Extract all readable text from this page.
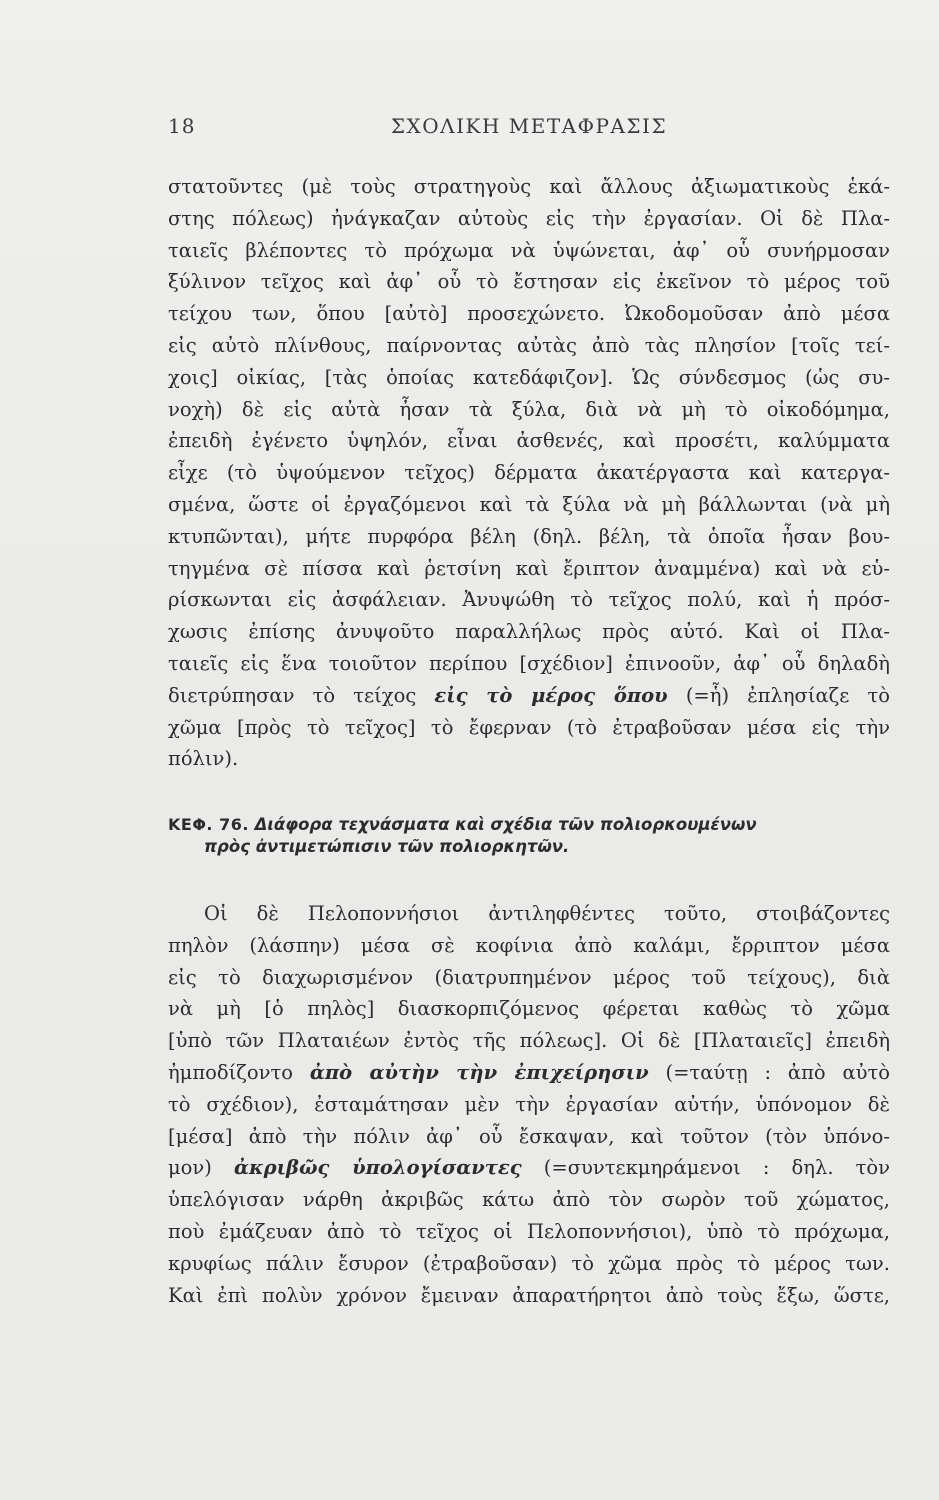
18	ΣΧΟΛΙΚΗ ΜΕΤΑΦΡΑΣΙΣ
στατοῦντες (μὲ τοὺς στρατηγοὺς καὶ ἄλλους ἀξιωματικοὺς ἑκά-
στης πόλεως) ἠνάγκαζαν αὐτοὺς εἰς τὴν ἐργασίαν. Οἱ δὲ Πλα-
ταιεῖς βλέποντες τὸ πρόχωμα νὰ ὑψώνεται, ἀφ᾽ οὗ συνήρμοσαν
ξύλινον τεῖχος καὶ ἀφ᾽ οὗ τὸ ἔστησαν εἰς ἐκεῖνον τὸ μέρος τοῦ
τείχου των, ὅπου [αὐτὸ] προσεχώνετο. Ὠκοδομοῦσαν ἀπὸ μέσα
εἰς αὐτὸ πλίνθους, παίρνοντας αὐτὰς ἀπὸ τὰς πλησίον [τοῖς τεί-
χοις] οἰκίας, [τὰς ὁποίας κατεδάφιζον]. Ὡς σύνδεσμος (ὡς συ-
νοχὴ) δὲ εἰς αὐτὰ ἦσαν τὰ ξύλα, διὰ νὰ μὴ τὸ οἰκοδόμημα,
ἐπειδὴ ἐγένετο ὑψηλόν, εἶναι ἀσθενές, καὶ προσέτι, καλύμματα
εἶχε (τὸ ὑψούμενον τεῖχος) δέρματα ἀκατέργαστα καὶ κατεργα-
σμένα, ὥστε οἱ ἐργαζόμενοι καὶ τὰ ξύλα νὰ μὴ βάλλωνται (νὰ μὴ
κτυπῶνται), μήτε πυρφόρα βέλη (δηλ. βέλη, τὰ ὁποῖα ἦσαν βου-
τηγμένα σὲ πίσσα καὶ ῥετσίνη καὶ ἔριπτον ἀναμμένα) καὶ νὰ εὑ-
ρίσκωνται εἰς ἀσφάλειαν. Ἀνυψώθη τὸ τεῖχος πολύ, καὶ ἡ πρόσ-
χωσις ἐπίσης ἀνυψοῦτο παραλλήλως πρὸς αὐτό. Καὶ οἱ Πλα-
ταιεῖς εἰς ἕνα τοιοῦτον περίπου [σχέδιον] ἐπινοοῦν, ἀφ᾽ οὗ δηλαδὴ
διετρύπησαν τὸ τείχος εἰς τὸ μέρος ὅπου (=ἧ) ἐπλησίαζε τὸ
χῶμα [πρὸς τὸ τεῖχος] τὸ ἔφερναν (τὸ ἐτραβοῦσαν μέσα εἰς τὴν
πόλιν).
ΚΕΦ. 76. Διάφορα τεχνάσματα καὶ σχέδια τῶν πολιορκουμένων
πρὸς ἀντιμετώπισιν τῶν πολιορκητῶν.
Οἱ δὲ Πελοποννήσιοι ἀντιληφθέντες τοῦτο, στοιβάζοντες
πηλὸν (λάσπην) μέσα σὲ κοφίνια ἀπὸ καλάμι, ἔρριπτον μέσα
εἰς τὸ διαχωρισμένον (διατρυπημένον μέρος τοῦ τείχους), διὰ
νὰ μὴ [ὁ πηλὸς] διασκορπιζόμενος φέρεται καθὼς τὸ χῶμα
[ὑπὸ τῶν Πλαταιέων ἐντὸς τῆς πόλεως]. Οἱ δὲ [Πλαταιεῖς] ἐπειδὴ
ἠμποδίζοντο ἀπὸ αὐτὴν τὴν ἐπιχείρησιν (=ταύτῃ : ἀπὸ αὐτὸ
τὸ σχέδιον), ἐσταμάτησαν μὲν τὴν ἐργασίαν αὐτήν, ὑπόνομον δὲ
[μέσα] ἀπὸ τὴν πόλιν ἀφ᾽ οὗ ἔσκαψαν, καὶ τοῦτον (τὸν ὑπόνο-
μον) ἀκριβῶς ὑπολογίσαντες (=συντεκμηράμενοι : δηλ. τὸν
ὑπελόγισαν νάρθη ἀκριβῶς κάτω ἀπὸ τὸν σωρὸν τοῦ χώματος,
ποὺ ἐμάζευαν ἀπὸ τὸ τεῖχος οἱ Πελοποννήσιοι), ὑπὸ τὸ πρόχωμα,
κρυφίως πάλιν ἔσυρον (ἐτραβοῦσαν) τὸ χῶμα πρὸς τὸ μέρος των.
Καὶ ἐπὶ πολὺν χρόνον ἔμειναν ἀπαρατήρητοι ἀπὸ τοὺς ἔξω, ὥστε,
